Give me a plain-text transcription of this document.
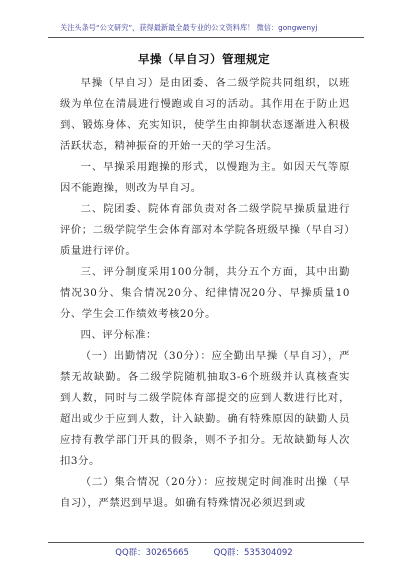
关注头条号“公文研究”，获得最新最全最专业的公文资料库！ 微信：gongwenyj
早操（早自习）管理规定

早操（早自习）是由团委、各二级学院共同组织，以班级为单位在清晨进行慢跑或自习的活动。其作用在于防止迟到、锻炼身体、充实知识，使学生由抑制状态逐渐进入积极活跃状态，精神振奋的开始一天的学习生活。

一、早操采用跑操的形式，以慢跑为主。如因天气等原因不能跑操，则改为早自习。

二、院团委、院体育部负责对各二级学院早操质量进行评价；二级学院学生会体育部对本学院各班级早操（早自习）质量进行评价。

三、评分制度采用100分制，共分五个方面，其中出勤情况30分、集合情况20分、纪律情况20分、早操质量10分、学生会工作绩效考核20分。

四、评分标准：

（一）出勤情况（30分）：应全勤出早操（早自习），严禁无故缺勤。各二级学院随机抽取3-6个班级并认真核查实到人数，同时与二级学院体育部提交的应到人数进行比对，超出或少于应到人数，计入缺勤。确有特殊原因的缺勤人员应持有教学部门开具的假条，则不予扣分。无故缺勤每人次扣3分。

（二）集合情况（20分）：应按规定时间准时出操（早自习），严禁迟到早退。如确有特殊情况必须迟到或

QQ群：30265665	QQ群：535304092
